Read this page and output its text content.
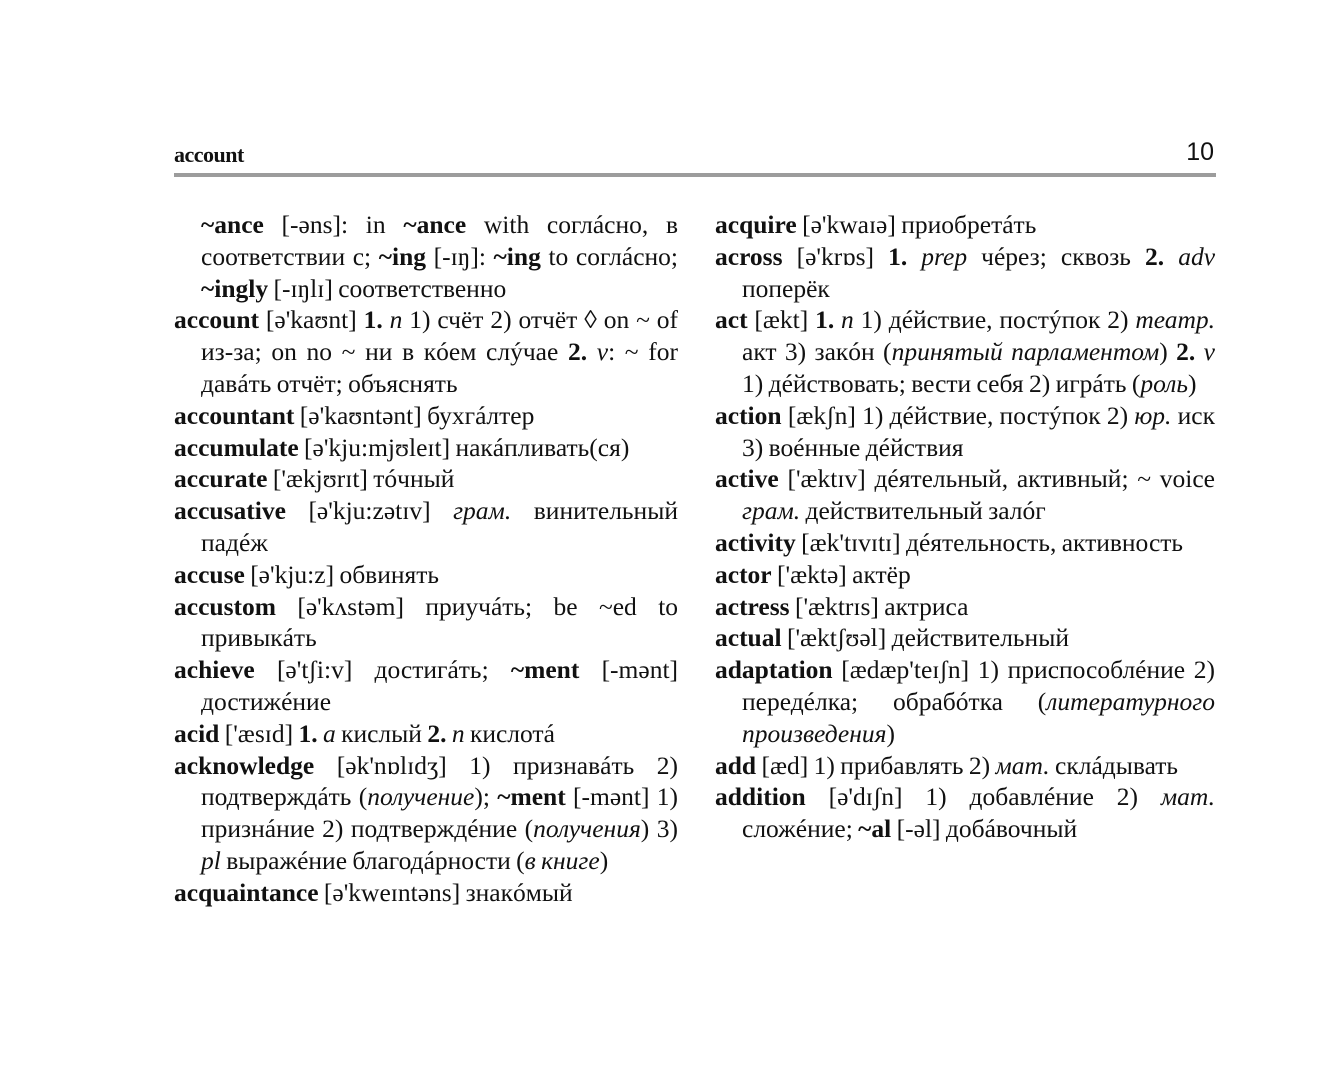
account	10
~ance [-əns]: in ~ance with соглáсно, в соответствии с; ~ing [-ɪŋ]: ~ing to соглáсно; ~ingly [-ɪŋlɪ] соответственно
account [ə'kaʊnt] 1. n 1) счёт 2) отчёт ◊ on ~ of из-за; on no ~ ни в кóем слýчае 2. v: ~ for давáть отчёт; объяснять
accountant [ə'kaʊntənt] бухгáлтер
accumulate [ə'kju:mjʊleɪt] накáпливать(ся)
accurate ['ækjʊrɪt] тóчный
accusative [ə'kju:zətɪv] грам. винительный падéж
accuse [ə'kju:z] обвинять
accustom [ə'kʌstəm] приучáть; be ~ed to привыкáть
achieve [ə'tʃi:v] достигáть; ~ment [-mənt] достижéние
acid ['æsɪd] 1. a кислый 2. n кислотá
acknowledge [ək'nɒlɪdʒ] 1) признавáть 2) подтверждáть (получение); ~ment [-mənt] 1) признáние 2) подтверждéние (получения) 3) pl выражéние благодáрности (в книге)
acquaintance [ə'kweɪntəns] знакóмый
acquire [ə'kwaɪə] приобретáть
across [ə'krɒs] 1. prep чéрез; сквозь 2. adv поперёк
act [ækt] 1. n 1) дéйствие, постýпок 2) театр. акт 3) закóн (принятый парламентом) 2. v 1) дéйствовать; вести себя 2) игрáть (роль)
action [ækʃn] 1) дéйствие, постýпок 2) юр. иск 3) воéнные дéйствия
active ['æktɪv] дéятельный, активный; ~ voice грам. действительный залóг
activity [æk'tɪvɪtɪ] дéятельность, активность
actor ['æktə] актёр
actress ['æktrɪs] актриса
actual ['æktʃʊəl] действительный
adaptation [ædæp'teɪʃn] 1) приспособлéние 2) передéлка; обрабóтка (литературного произведения)
add [æd] 1) прибавлять 2) мат. склáдывать
addition [ə'dɪʃn] 1) добавлéние 2) мат. сложéние; ~al [-əl] добáвочный
